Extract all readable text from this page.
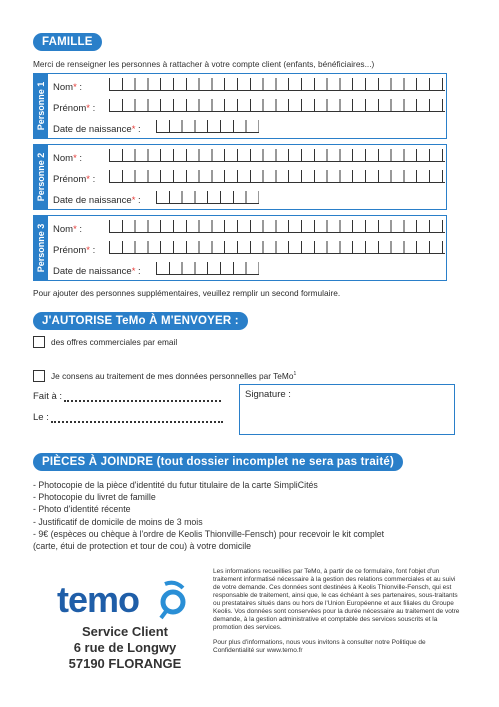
FAMILLE
Merci de renseigner les personnes à rattacher à votre compte client (enfants, bénéficiaires...)
Personne 1 Nom* :
Prénom* :
Date de naissance* :
Personne 2 Nom* :
Prénom* :
Date de naissance* :
Personne 3 Nom* :
Prénom* :
Date de naissance* :
Pour ajouter des personnes supplémentaires, veuillez remplir un second formulaire.
J'AUTORISE TeMo À M'ENVOYER :
des offres commerciales par email
Je consens au traitement de mes données personnelles par TeMo$^1$
Fait à :
Le :
Signature :
PIÈCES À JOINDRE (tout dossier incomplet ne sera pas traité)
- Photocopie de la pièce d'identité du futur titulaire de la carte SimpliCités
- Photocopie du livret de famille
- Photo d'identité récente
- Justificatif de domicile de moins de 3 mois
- 9€ (espèces ou chèque à l'ordre de Keolis Thionville-Fensch) pour recevoir le kit complet
(carte, étui de protection et tour de cou) à votre domicile
temo
Service Client
6 rue de Longwy
57190 FLORANGE

Les informations recueillies par TeMo, à partir de ce formulaire, font l'objet d'un traitement informatisé nécessaire à la gestion des relations commerciales et au suivi de votre demande. Ces données sont destinées à Keolis Thionville-Fensch, qui est responsable de traitement, ainsi que, le cas échéant à ses partenaires, sous-traitants ou prestataires situés dans ou hors de l'Union Européenne et aux filiales du Groupe Keolis. Vos données sont conservées pour la durée nécessaire au traitement de votre demande, à la gestion administrative et comptable des services souscrits et la promotion des services.

Pour plus d'informations, nous vous invitons à consulter notre Politique de Confidentialité sur www.temo.fr
